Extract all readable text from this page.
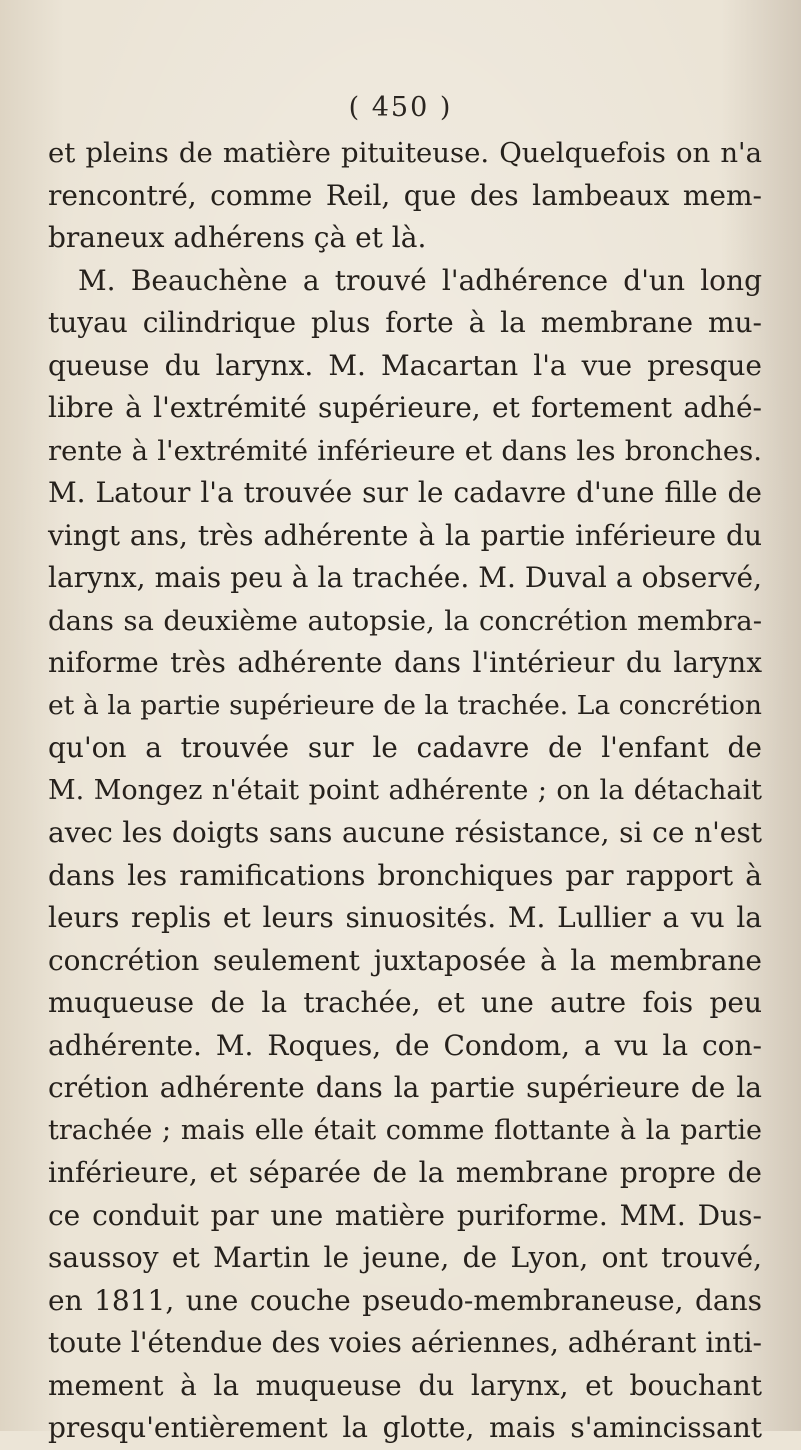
( 450 )
et pleins de matière pituiteuse. Quelquefois on n'a
rencontré, comme Reil, que des lambeaux mem-
braneux adhérens çà et là.
M. Beauchène a trouvé l'adhérence d'un long
tuyau cilindrique plus forte à la membrane mu-
queuse du larynx. M. Macartan l'a vue presque
libre à l'extrémité supérieure, et fortement adhé-
rente à l'extrémité inférieure et dans les bronches.
M. Latour l'a trouvée sur le cadavre d'une fille de
vingt ans, très adhérente à la partie inférieure du
larynx, mais peu à la trachée. M. Duval a observé,
dans sa deuxième autopsie, la concrétion membra-
niforme très adhérente dans l'intérieur du larynx
et à la partie supérieure de la trachée. La concrétion
qu'on a trouvée sur le cadavre de l'enfant de
M. Mongez n'était point adhérente ; on la détachait
avec les doigts sans aucune résistance, si ce n'est
dans les ramifications bronchiques par rapport à
leurs replis et leurs sinuosités. M. Lullier a vu la
concrétion seulement juxtaposée à la membrane
muqueuse de la trachée, et une autre fois peu
adhérente. M. Roques, de Condom, a vu la con-
crétion adhérente dans la partie supérieure de la
trachée ; mais elle était comme flottante à la partie
inférieure, et séparée de la membrane propre de
ce conduit par une matière puriforme. MM. Dus-
saussoy et Martin le jeune, de Lyon, ont trouvé,
en 1811, une couche pseudo-membraneuse, dans
toute l'étendue des voies aériennes, adhérant inti-
mement à la muqueuse du larynx, et bouchant
presqu'entièrement la glotte, mais s'amincissant
